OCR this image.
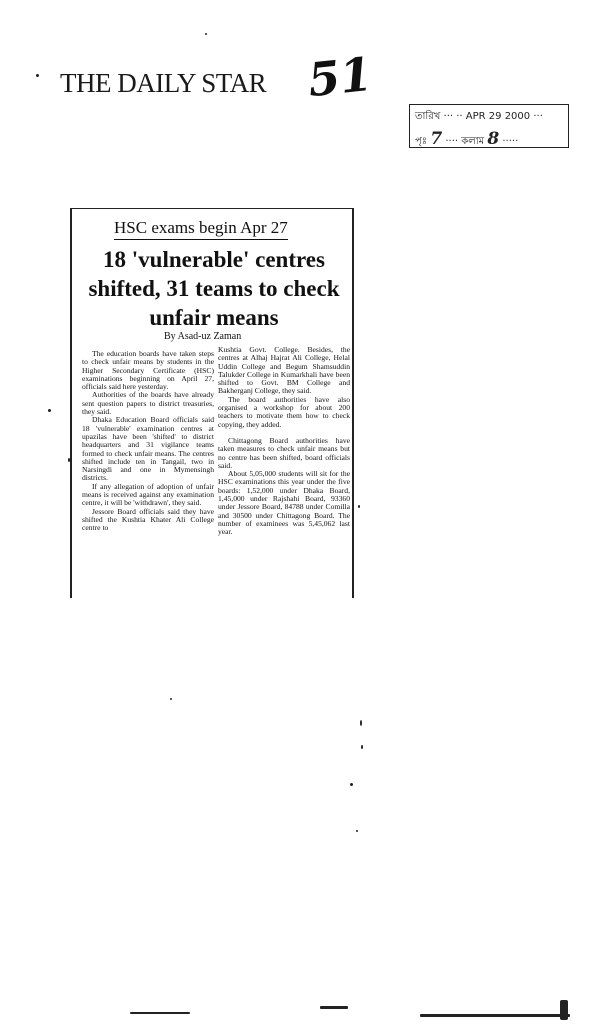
THE DAILY STAR 51
তারিখ ··· ·· APR 29 2000 ···
পৃঃ 7 ···· কলাম 8 ·····
HSC exams begin Apr 27
18 'vulnerable' centres shifted, 31 teams to check unfair means
By Asad-uz Zaman

The education boards have taken steps to check unfair means by students in the Higher Secondary Certificate (HSC) examinations beginning on April 27, officials said here yesterday.

Authorities of the boards have already sent question papers to district treasuries, they said.

Dhaka Education Board officials said 18 'vulnerable' examination centres at upazilas have been 'shifted' to district headquarters and 31 vigilance teams formed to check unfair means. The centres shifted include ten in Tangail, two in Narsingdi and one in Mymensingh districts.

If any allegation of adoption of unfair means is received against any examination centre, it will be 'withdrawn', they said.

Jessore Board officials said they have shifted the Kushtia Khater Ali College centre to

Kushtia Govt. College. Besides, the centres at Alhaj Hajrat Ali College, Helal Uddin College and Begum Shamsuddin Talukder College in Kumarkhali have been shifted to Govt. BM College and Bakherganj College, they said.

The board authorities have also organised a workshop for about 200 teachers to motivate them how to check copying, they added.

Chittagong Board authorities have taken measures to check unfair means but no centre has been shifted, board officials said.

About 5,05,000 students will sit for the HSC examinations this year under the five boards: 1,52,000 under Dhaka Board, 1,45,000 under Rajshahi Board, 93360 under Jessore Board, 84788 under Comilla and 30500 under Chittagong Board. The number of examinees was 5,45,062 last year.
